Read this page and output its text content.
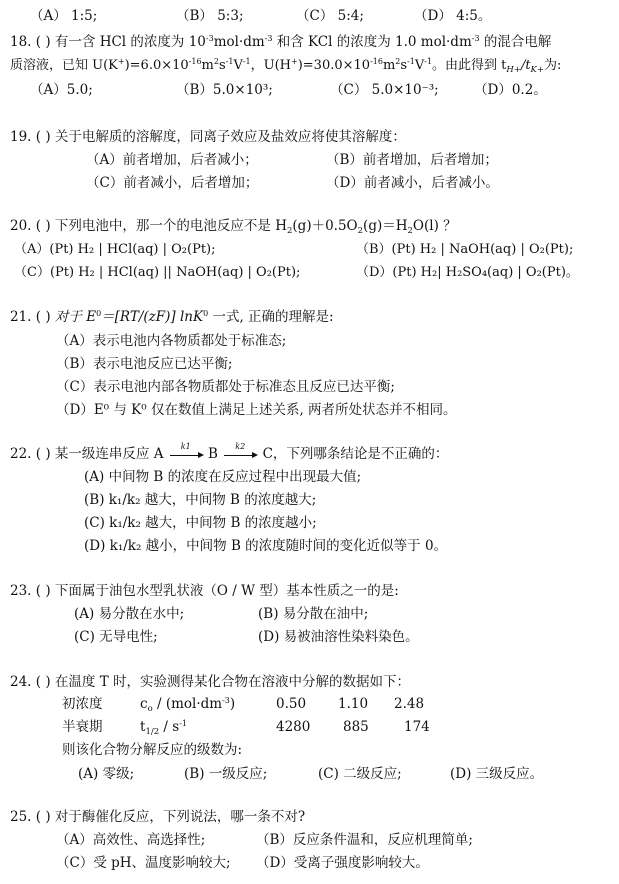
（A） 1:5;	（B） 5:3;	（C） 5:4;	（D） 4:5。
18. ( ) 有一含 HCl 的浓度为 $10^{-3}mol\cdot dm^{-3}$ 和含 KCl 的浓度为 1.0 $mol\cdot dm^{-3}$ 的混合电解
质溶液，已知 $U(K^+)=6.0\times 10^{-16}m^2s^{-1}V^{-1}$，$U(H^+)=30.0\times 10^{-16}m^2s^{-1}V^{-1}$。由此得到 $t_{H+}/t_{K+}$为:
（A）5.0;	（B）5.0×10³;	（C） 5.0×10⁻³;	（D）0.2。
19. ( ) 关于电解质的溶解度，同离子效应及盐效应将使其溶解度：
（A）前者增加，后者减小；	（B）前者增加，后者增加；
（C）前者减小，后者增加；	（D）前者减小，后者减小。
20. ( ) 下列电池中，那一个的电池反应不是 $H_2(g)+0.5O_2(g)=H_2O(l)$ ？
（A）(Pt) H₂ | HCl(aq) | O₂(Pt);	（B）(Pt) H₂ | NaOH(aq) | O₂(Pt);
（C）(Pt) H₂ | HCl(aq) || NaOH(aq) | O₂(Pt);	（D）(Pt) H₂| H₂SO₄(aq) | O₂(Pt)。
21. ( ) 对于 $E^0=[RT/(zF)]$ lnK$^0$ 一式, 正确的理解是:
（A）表示电池内各物质都处于标准态;
（B）表示电池反应已达平衡;
（C）表示电池内部各物质都处于标准态且反应已达平衡;
（D）E⁰ 与 K⁰ 仅在数值上满足上述关系, 两者所处状态并不相同。
22. ( ) 某一级连串反应 A	k1	B	k2	C，下列哪条结论是不正确的：
(A) 中间物 B 的浓度在反应过程中出现最大值;
(B) k₁/k₂ 越大，中间物 B 的浓度越大;
(C) k₁/k₂ 越大，中间物 B 的浓度越小;
(D) k₁/k₂ 越小，中间物 B 的浓度随时间的变化近似等于 0。
23. ( ) 下面属于油包水型乳状液（O / W 型）基本性质之一的是:
(A) 易分散在水中;	(B) 易分散在油中;
(C) 无导电性;	(D) 易被油溶性染料染色。
24. ( ) 在温度 T 时，实验测得某化合物在溶液中分解的数据如下：
初浓度	$c_o / (mol\cdot dm^{-3})$	0.50 1.10 2.48
半衰期	$t_{1/2} / s^{-1}$	4280 885	174
则该化合物分解反应的级数为:
(A) 零级;	(B) 一级反应;	(C) 二级反应;	(D) 三级反应。
25. ( ) 对于酶催化反应，下列说法，哪一条不对?
（A）高效性、高选择性;	（B）反应条件温和，反应机理简单;
（C）受 pH、温度影响较大; （D）受离子强度影响较大。
